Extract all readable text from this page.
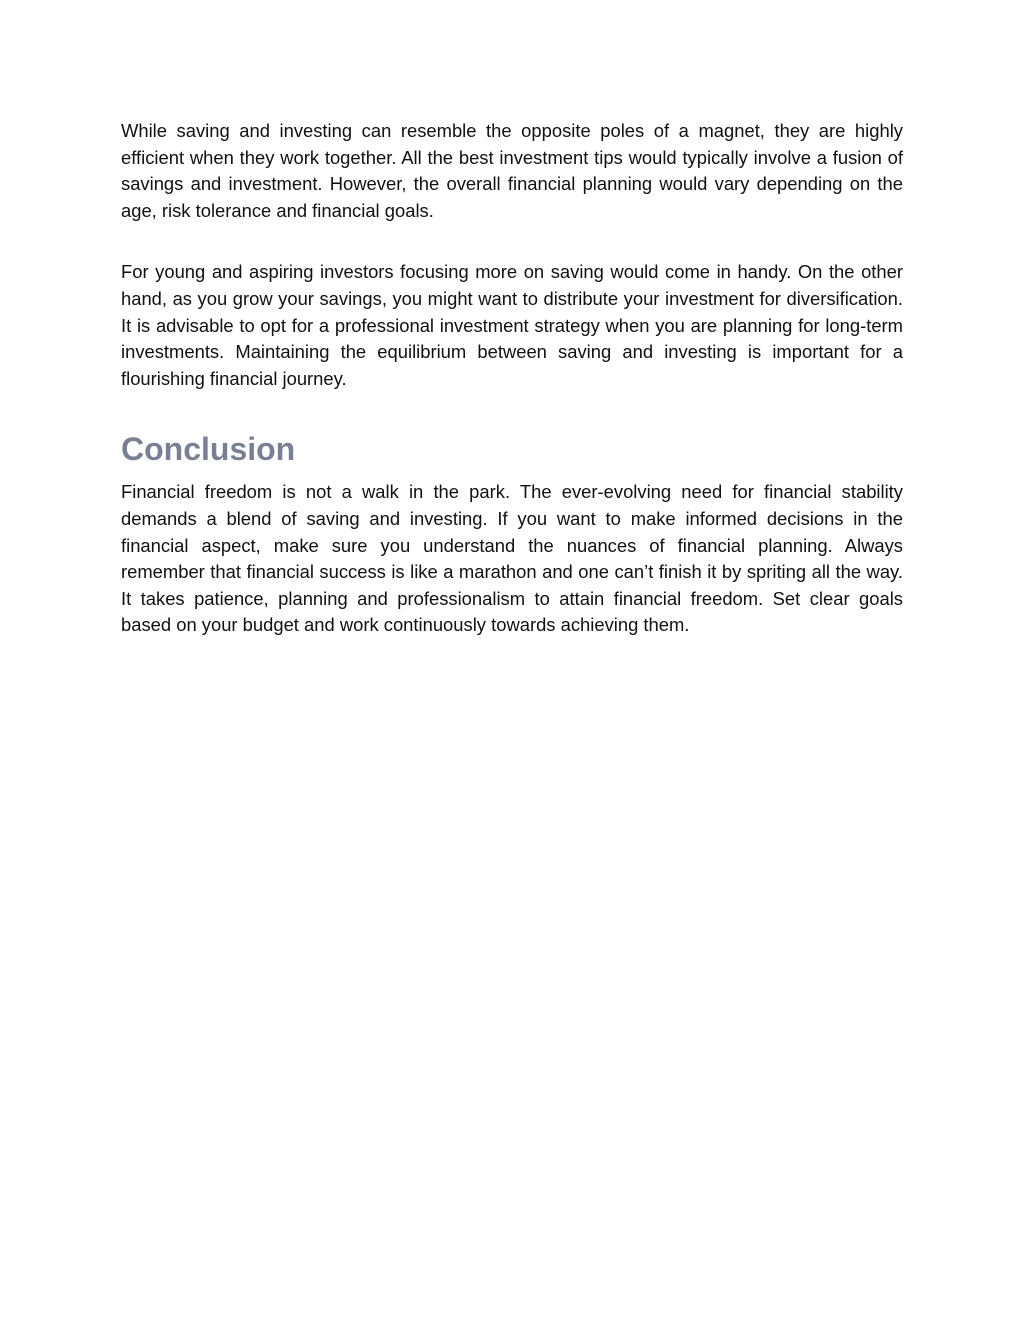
While saving and investing can resemble the opposite poles of a magnet, they are highly efficient when they work together. All the best investment tips would typically involve a fusion of savings and investment. However, the overall financial planning would vary depending on the age, risk tolerance and financial goals.

For young and aspiring investors focusing more on saving would come in handy. On the other hand, as you grow your savings, you might want to distribute your investment for diversification. It is advisable to opt for a professional investment strategy when you are planning for long-term investments. Maintaining the equilibrium between saving and investing is important for a flourishing financial journey.

Conclusion

Financial freedom is not a walk in the park. The ever-evolving need for financial stability demands a blend of saving and investing. If you want to make informed decisions in the financial aspect, make sure you understand the nuances of financial planning. Always remember that financial success is like a marathon and one can’t finish it by spriting all the way. It takes patience, planning and professionalism to attain financial freedom. Set clear goals based on your budget and work continuously towards achieving them.
